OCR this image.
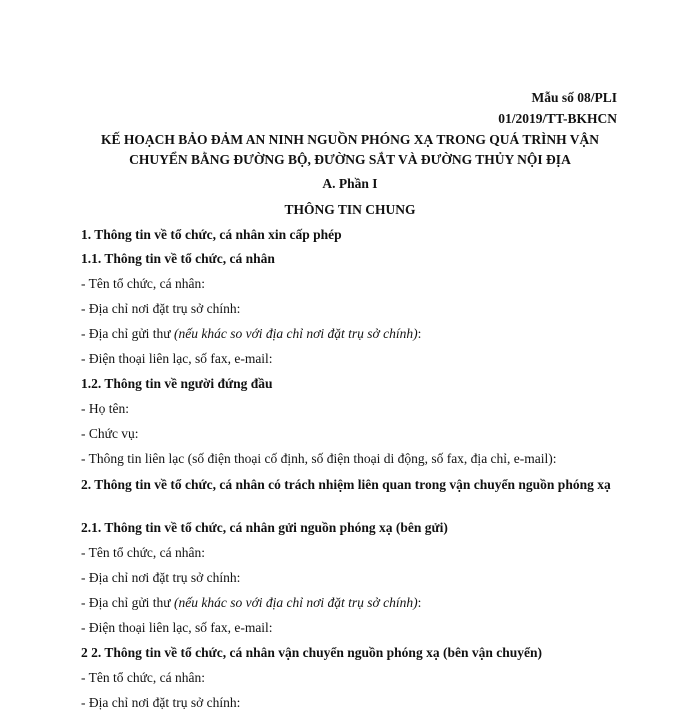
Mẫu số 08/PLI
01/2019/TT-BKHCN
KẾ HOẠCH BẢO ĐẢM AN NINH NGUỒN PHÓNG XẠ TRONG QUÁ TRÌNH VẬN
CHUYỂN BẰNG ĐƯỜNG BỘ, ĐƯỜNG SẮT VÀ ĐƯỜNG THỦY NỘI ĐỊA
A. Phần I
THÔNG TIN CHUNG
1. Thông tin về tổ chức, cá nhân xin cấp phép
1.1. Thông tin về tổ chức, cá nhân
- Tên tổ chức, cá nhân:
- Địa chỉ nơi đặt trụ sở chính:
- Địa chỉ gửi thư (nếu khác so với địa chỉ nơi đặt trụ sở chính):
- Điện thoại liên lạc, số fax, e-mail:
1.2. Thông tin về người đứng đầu
- Họ tên:
- Chức vụ:
- Thông tin liên lạc (số điện thoại cố định, số điện thoại di động, số fax, địa chỉ, e-mail):
2. Thông tin về tổ chức, cá nhân có trách nhiệm liên quan trong vận chuyển nguồn phóng xạ
2.1. Thông tin về tổ chức, cá nhân gửi nguồn phóng xạ (bên gửi)
- Tên tổ chức, cá nhân:
- Địa chỉ nơi đặt trụ sở chính:
- Địa chỉ gửi thư (nếu khác so với địa chỉ nơi đặt trụ sở chính):
- Điện thoại liên lạc, số fax, e-mail:
2 2. Thông tin về tổ chức, cá nhân vận chuyển nguồn phóng xạ (bên vận chuyển)
- Tên tổ chức, cá nhân:
- Địa chỉ nơi đặt trụ sở chính:
